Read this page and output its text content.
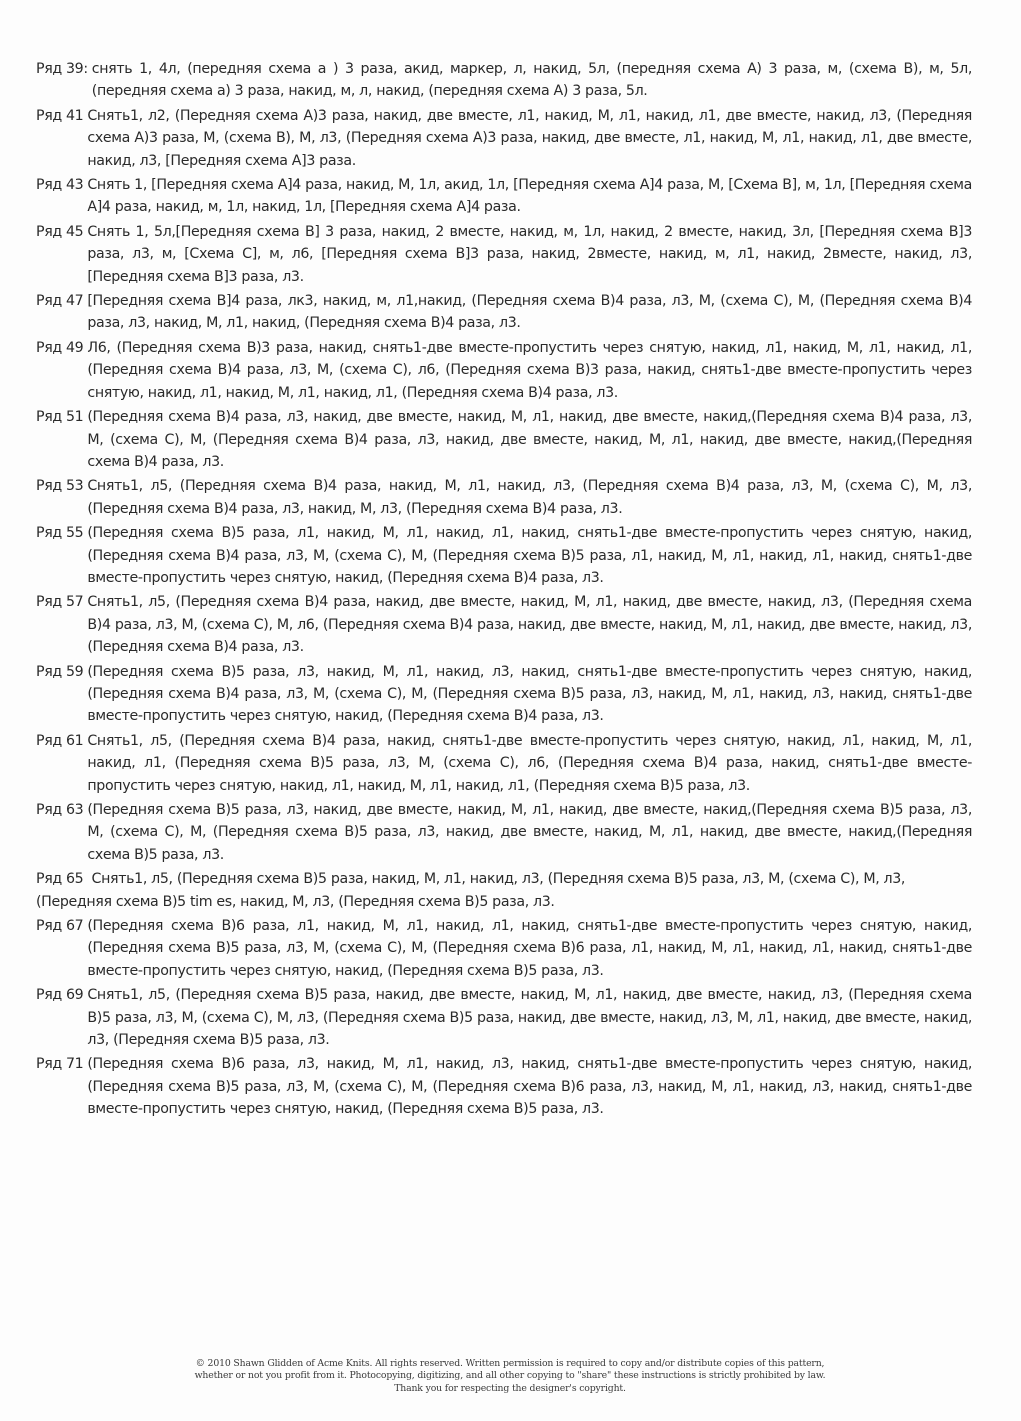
Ряд 39: снять 1, 4л, (передняя схема а ) 3 раза, акид, маркер, л, накид, 5л, (передняя схема А) 3 раза, м, (схема В), м, 5л, (передняя схема а) 3 раза, накид, м, л, накид, (передняя схема А) 3 раза, 5л.
Ряд 41 Снять1, л2, (Передняя схема А)3 раза, накид, две вместе, л1, накид, М, л1, накид, л1, две вместе, накид, л3, (Передняя схема А)3 раза, М, (схема В), М, л3, (Передняя схема А)3 раза, накид, две вместе, л1, накид, М, л1, накид, л1, две вместе, накид, л3, [Передняя схема А]3 раза.
Ряд 43 Снять 1, [Передняя схема А]4 раза, накид, М, 1л, акид, 1л, [Передняя схема А]4 раза, М, [Схема В], м, 1л, [Передняя схема А]4 раза, накид, м, 1л, накид, 1л, [Передняя схема А]4 раза.
Ряд 45 Снять 1, 5л,[Передняя схема В] 3 раза, накид, 2 вместе, накид, м, 1л, накид, 2 вместе, накид, 3л, [Передняя схема В]3 раза, л3, м, [Схема С], м, л6, [Передняя схема В]3 раза, накид, 2вместе, накид, м, л1, накид, 2вместе, накид, л3, [Передняя схема В]3 раза, л3.
Ряд 47 [Передняя схема В]4 раза, лк3, накид, м, л1,накид, (Передняя схема В)4 раза, л3, М, (схема С), М, (Передняя схема В)4 раза, л3, накид, М, л1, накид, (Передняя схема В)4 раза, л3.
Ряд 49 Л6, (Передняя схема В)3 раза, накид, снять1-две вместе-пропустить через снятую, накид, л1, накид, М, л1, накид, л1, (Передняя схема В)4 раза, л3, М, (схема С), л6, (Передняя схема В)3 раза, накид, снять1-две вместе-пропустить через снятую, накид, л1, накид, М, л1, накид, л1, (Передняя схема В)4 раза, л3.
Ряд 51 (Передняя схема В)4 раза, л3, накид, две вместе, накид, М, л1, накид, две вместе, накид,(Передняя схема В)4 раза, л3, М, (схема С), М, (Передняя схема В)4 раза, л3, накид, две вместе, накид, М, л1, накид, две вместе, накид,(Передняя схема В)4 раза, л3.
Ряд 53 Снять1, л5, (Передняя схема В)4 раза, накид, М, л1, накид, л3, (Передняя схема В)4 раза, л3, М, (схема С), М, л3, (Передняя схема В)4 раза, л3, накид, М, л3, (Передняя схема В)4 раза, л3.
Ряд 55 (Передняя схема В)5 раза, л1, накид, М, л1, накид, л1, накид, снять1-две вместе-пропустить через снятую, накид, (Передняя схема В)4 раза, л3, М, (схема С), М, (Передняя схема В)5 раза, л1, накид, М, л1, накид, л1, накид, снять1-две вместе-пропустить через снятую, накид, (Передняя схема В)4 раза, л3.
Ряд 57 Снять1, л5, (Передняя схема В)4 раза, накид, две вместе, накид, М, л1, накид, две вместе, накид, л3, (Передняя схема В)4 раза, л3, М, (схема С), М, л6, (Передняя схема В)4 раза, накид, две вместе, накид, М, л1, накид, две вместе, накид, л3, (Передняя схема В)4 раза, л3.
Ряд 59 (Передняя схема В)5 раза, л3, накид, М, л1, накид, л3, накид, снять1-две вместе-пропустить через снятую, накид, (Передняя схема В)4 раза, л3, М, (схема С), М, (Передняя схема В)5 раза, л3, накид, М, л1, накид, л3, накид, снять1-две вместе-пропустить через снятую, накид, (Передняя схема В)4 раза, л3.
Ряд 61 Снять1, л5, (Передняя схема В)4 раза, накид, снять1-две вместе-пропустить через снятую, накид, л1, накид, М, л1, накид, л1, (Передняя схема В)5 раза, л3, М, (схема С), л6, (Передняя схема В)4 раза, накид, снять1-две вместе-пропустить через снятую, накид, л1, накид, М, л1, накид, л1, (Передняя схема В)5 раза, л3.
Ряд 63 (Передняя схема В)5 раза, л3, накид, две вместе, накид, М, л1, накид, две вместе, накид,(Передняя схема В)5 раза, л3, М, (схема С), М, (Передняя схема В)5 раза, л3, накид, две вместе, накид, М, л1, накид, две вместе, накид,(Передняя схема В)5 раза, л3.
Ряд 65 Снять1, л5, (Передняя схема В)5 раза, накид, М, л1, накид, л3, (Передняя схема В)5 раза, л3, М, (схема С), М, л3, (Передняя схема В)5 tim es, накид, М, л3, (Передняя схема В)5 раза, л3.
Ряд 67 (Передняя схема В)6 раза, л1, накид, М, л1, накид, л1, накид, снять1-две вместе-пропустить через снятую, накид, (Передняя схема В)5 раза, л3, М, (схема С), М, (Передняя схема В)6 раза, л1, накид, М, л1, накид, л1, накид, снять1-две вместе-пропустить через снятую, накид, (Передняя схема В)5 раза, л3.
Ряд 69 Снять1, л5, (Передняя схема В)5 раза, накид, две вместе, накид, М, л1, накид, две вместе, накид, л3, (Передняя схема В)5 раза, л3, М, (схема С), М, л3, (Передняя схема В)5 раза, накид, две вместе, накид, л3, М, л1, накид, две вместе, накид, л3, (Передняя схема В)5 раза, л3.
Ряд 71 (Передняя схема В)6 раза, л3, накид, М, л1, накид, л3, накид, снять1-две вместе-пропустить через снятую, накид, (Передняя схема В)5 раза, л3, М, (схема С), М, (Передняя схема В)6 раза, л3, накид, М, л1, накид, л3, накид, снять1-две вместе-пропустить через снятую, накид, (Передняя схема В)5 раза, л3.
© 2010 Shawn Glidden of Acme Knits. All rights reserved. Written permission is required to copy and/or distribute copies of this pattern,
whether or not you profit from it. Photocopying, digitizing, and all other copying to "share" these instructions is strictly prohibited by law.
Thank you for respecting the designer's copyright.
